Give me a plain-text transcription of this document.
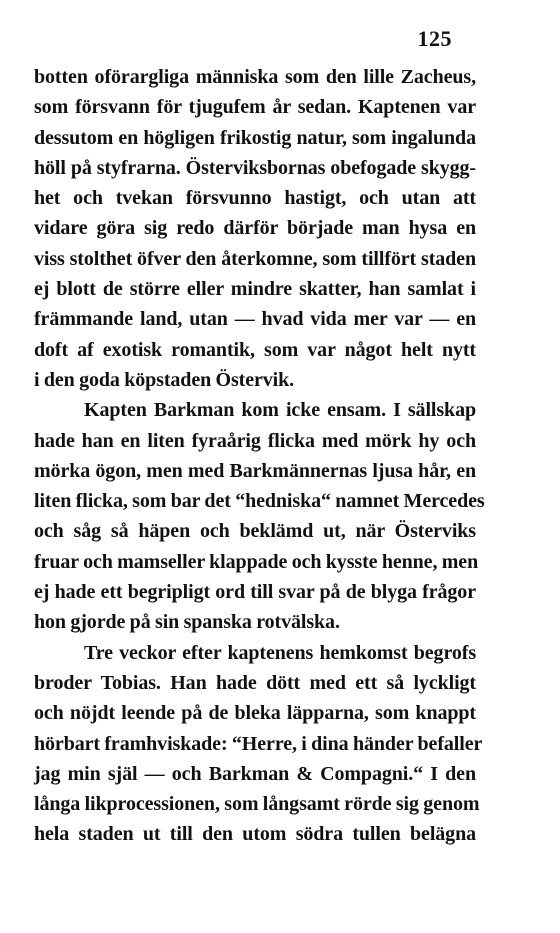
125
botten oförargliga människa som den lille Zacheus,
som försvann för tjugufem år sedan. Kaptenen var
dessutom en högligen frikostig natur, som ingalunda
höll på styfrarna. Österviksbornas obefogade skygg-
het och tvekan försvunno hastigt, och utan att
vidare göra sig redo därför började man hysa en
viss stolthet öfver den återkomne, som tillfört staden
ej blott de större eller mindre skatter, han samlat i
främmande land, utan — hvad vida mer var — en
doft af exotisk romantik, som var något helt nytt
i den goda köpstaden Östervik.
Kapten Barkman kom icke ensam. I sällskap
hade han en liten fyraårig flicka med mörk hy och
mörka ögon, men med Barkmännernas ljusa hår, en
liten flicka, som bar det “hedniska“ namnet Mercedes
och såg så häpen och beklämd ut, när Österviks
fruar och mamseller klappade och kysste henne, men
ej hade ett begripligt ord till svar på de blyga frågor
hon gjorde på sin spanska rotvälska.
Tre veckor efter kaptenens hemkomst begrofs
broder Tobias. Han hade dött med ett så lyckligt
och nöjdt leende på de bleka läpparna, som knappt
hörbart framhviskade: “Herre, i dina händer befaller
jag min själ — och Barkman & Compagni.“ I den
långa likprocessionen, som långsamt rörde sig genom
hela staden ut till den utom södra tullen belägna
